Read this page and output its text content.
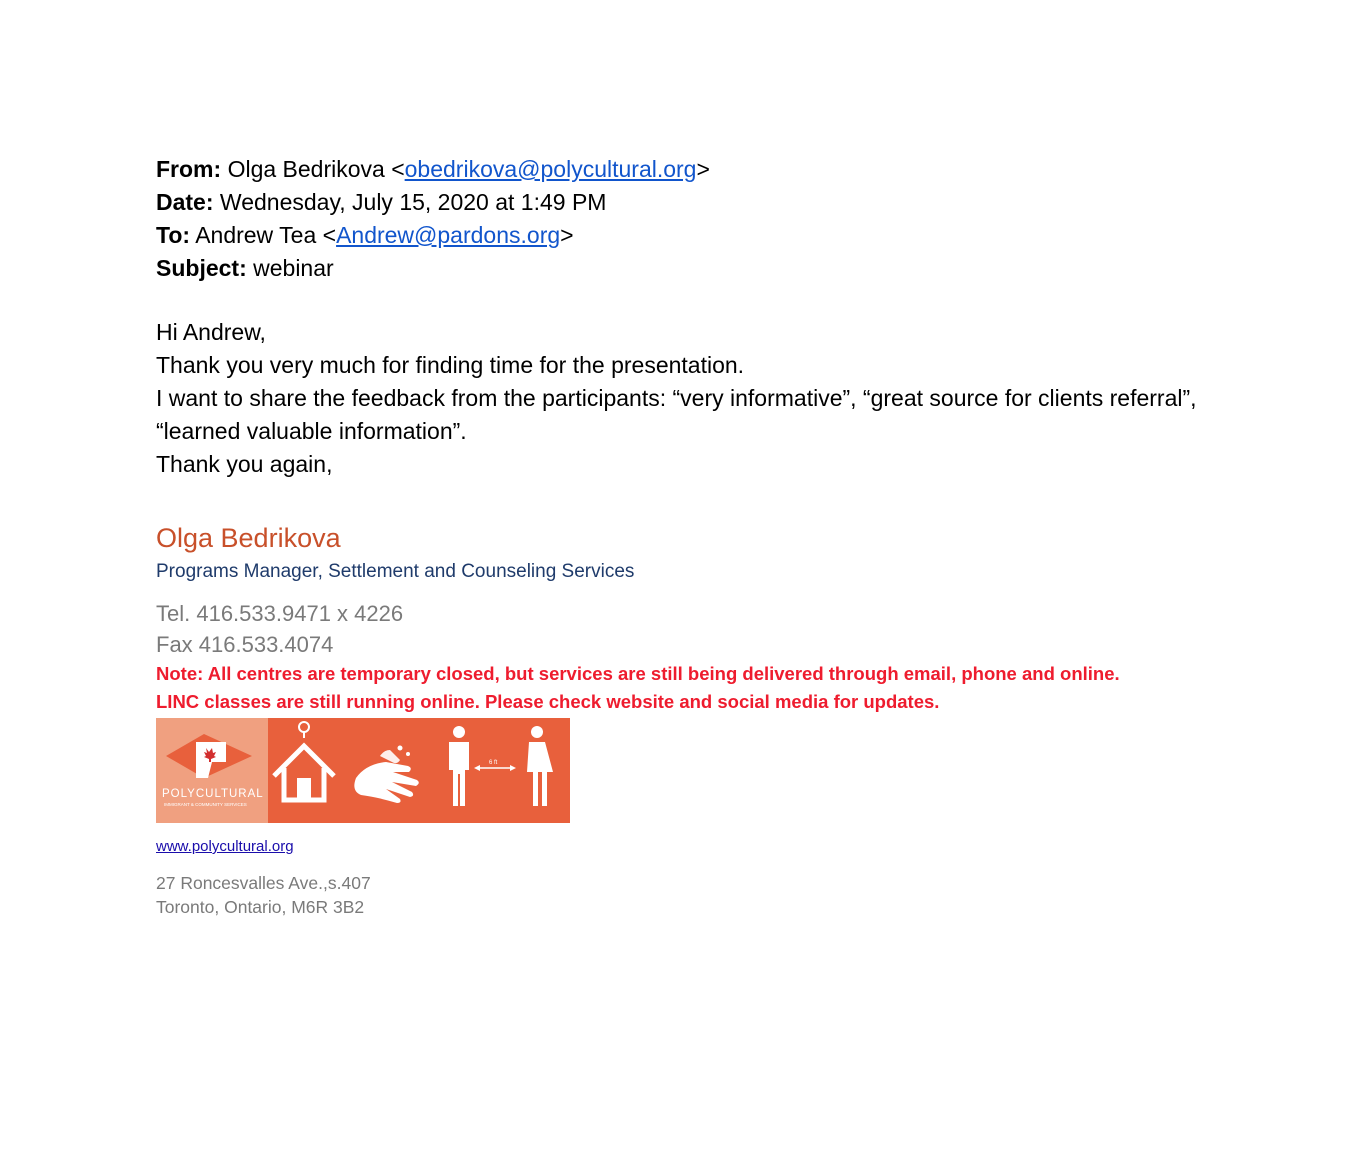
From: Olga Bedrikova <obedrikova@polycultural.org>
Date: Wednesday, July 15, 2020 at 1:49 PM
To: Andrew Tea <Andrew@pardons.org>
Subject: webinar

Hi Andrew,

Thank you very much for finding time for the presentation.

I want to share the feedback from the participants: “very informative”, “great source for clients referral”, “learned valuable information”.

Thank you again,

Olga Bedrikova
Programs Manager, Settlement and Counseling Services
Tel. 416.533.9471 x 4226
Fax 416.533.4074
Note: All centres are temporary closed, but services are still being delivered through email, phone and online.
LINC classes are still running online. Please check website and social media for updates.
POLYCULTURAL
IMMIGRANT & COMMUNITY SERVICES
6 ft
www.polycultural.org
27 Roncesvalles Ave.,s.407
Toronto, Ontario, M6R 3B2
